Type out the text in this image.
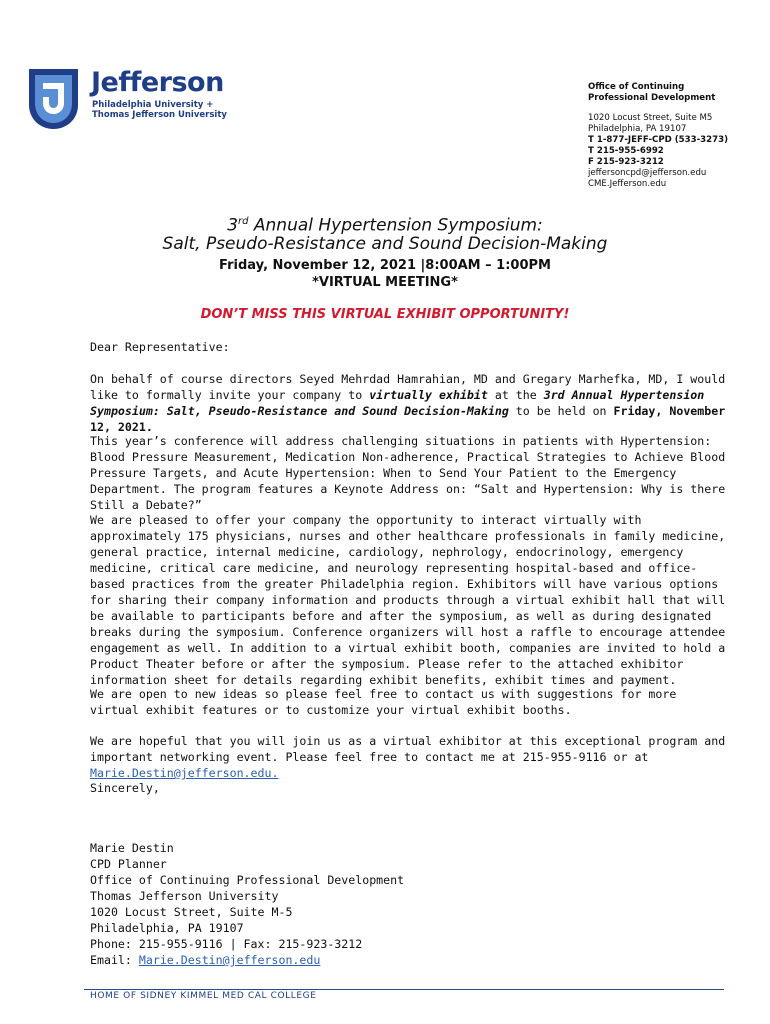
Jefferson
Philadelphia University +
Thomas Jefferson University
Office of Continuing
Professional Development
1020 Locust Street, Suite M5
Philadelphia, PA 19107
T 1-877-JEFF-CPD (533-3273)
T 215-955-6992
F 215-923-3212
jeffersoncpd@jefferson.edu
CME.Jefferson.edu
3rd Annual Hypertension Symposium:
Salt, Pseudo-Resistance and Sound Decision-Making
Friday, November 12, 2021 |8:00AM – 1:00PM
*VIRTUAL MEETING*
DON’T MISS THIS VIRTUAL EXHIBIT OPPORTUNITY!
Dear Representative:
On behalf of course directors Seyed Mehrdad Hamrahian, MD and Gregary Marhefka, MD, I would like to formally invite your company to virtually exhibit at the 3rd Annual Hypertension Symposium: Salt, Pseudo-Resistance and Sound Decision-Making to be held on Friday, November 12, 2021.
This year’s conference will address challenging situations in patients with Hypertension: Blood Pressure Measurement, Medication Non-adherence, Practical Strategies to Achieve Blood Pressure Targets, and Acute Hypertension: When to Send Your Patient to the Emergency Department. The program features a Keynote Address on: “Salt and Hypertension: Why is there Still a Debate?”
We are pleased to offer your company the opportunity to interact virtually with approximately 175 physicians, nurses and other healthcare professionals in family medicine, general practice, internal medicine, cardiology, nephrology, endocrinology, emergency medicine, critical care medicine, and neurology representing hospital-based and office-based practices from the greater Philadelphia region. Exhibitors will have various options for sharing their company information and products through a virtual exhibit hall that will be available to participants before and after the symposium, as well as during designated breaks during the symposium. Conference organizers will host a raffle to encourage attendee engagement as well. In addition to a virtual exhibit booth, companies are invited to hold a Product Theater before or after the symposium. Please refer to the attached exhibitor information sheet for details regarding exhibit benefits, exhibit times and payment.
We are open to new ideas so please feel free to contact us with suggestions for more virtual exhibit features or to customize your virtual exhibit booths.
We are hopeful that you will join us as a virtual exhibitor at this exceptional program and important networking event. Please feel free to contact me at 215-955-9116 or at Marie.Destin@jefferson.edu.
Sincerely,
Marie Destin
CPD Planner
Office of Continuing Professional Development
Thomas Jefferson University
1020 Locust Street, Suite M-5
Philadelphia, PA 19107
Phone: 215-955-9116 | Fax: 215-923-3212
Email: Marie.Destin@jefferson.edu
HOME OF SIDNEY KIMMEL MED CAL COLLEGE
